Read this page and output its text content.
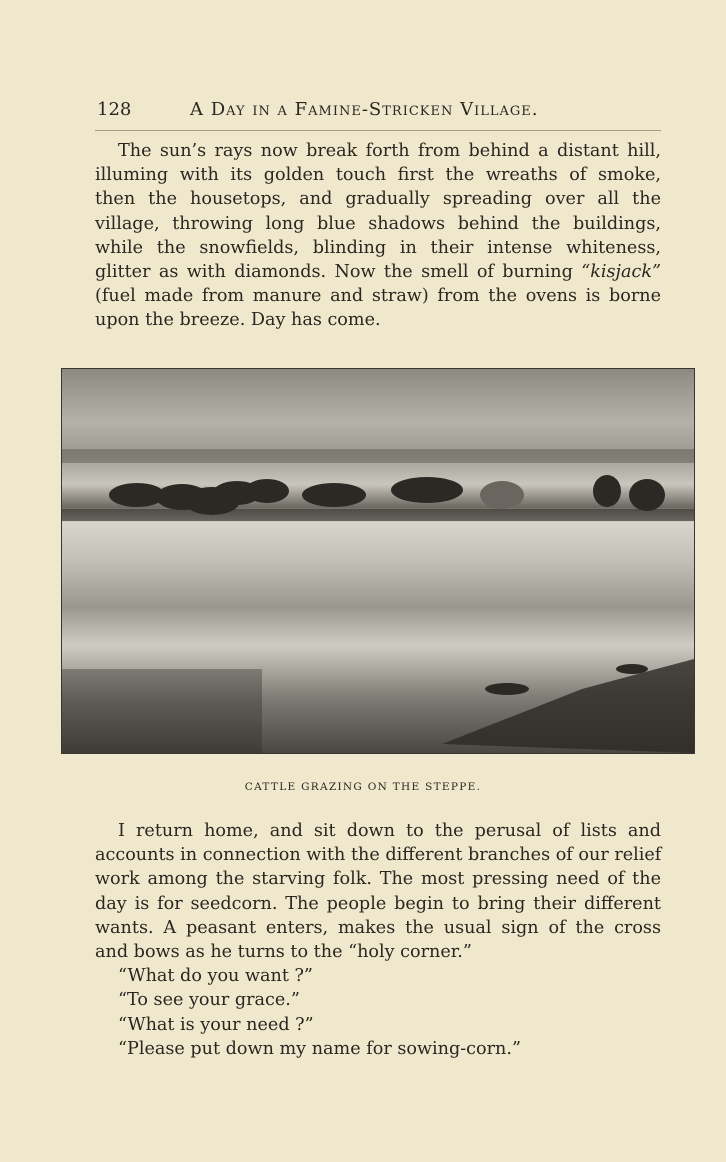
128	A Day in a Famine-Stricken Village.
The sun’s rays now break forth from behind a distant hill,
illuming with its golden touch first the wreaths of smoke,
then the housetops, and gradually spreading over all the
village, throwing long blue shadows behind the buildings,
while the snowfields, blinding in their intense whiteness,
glitter as with diamonds. Now the smell of burning “kisjack”
(fuel made from manure and straw) from the ovens is borne
upon the breeze. Day has come.
CATTLE GRAZING ON THE STEPPE.
I return home, and sit down to the perusal of lists and
accounts in connection with the different branches of our relief
work among the starving folk. The most pressing need of the
day is for seedcorn. The people begin to bring their different
wants. A peasant enters, makes the usual sign of the cross
and bows as he turns to the “holy corner.”
“What do you want ?”
“To see your grace.”
“What is your need ?”
“Please put down my name for sowing-corn.”
